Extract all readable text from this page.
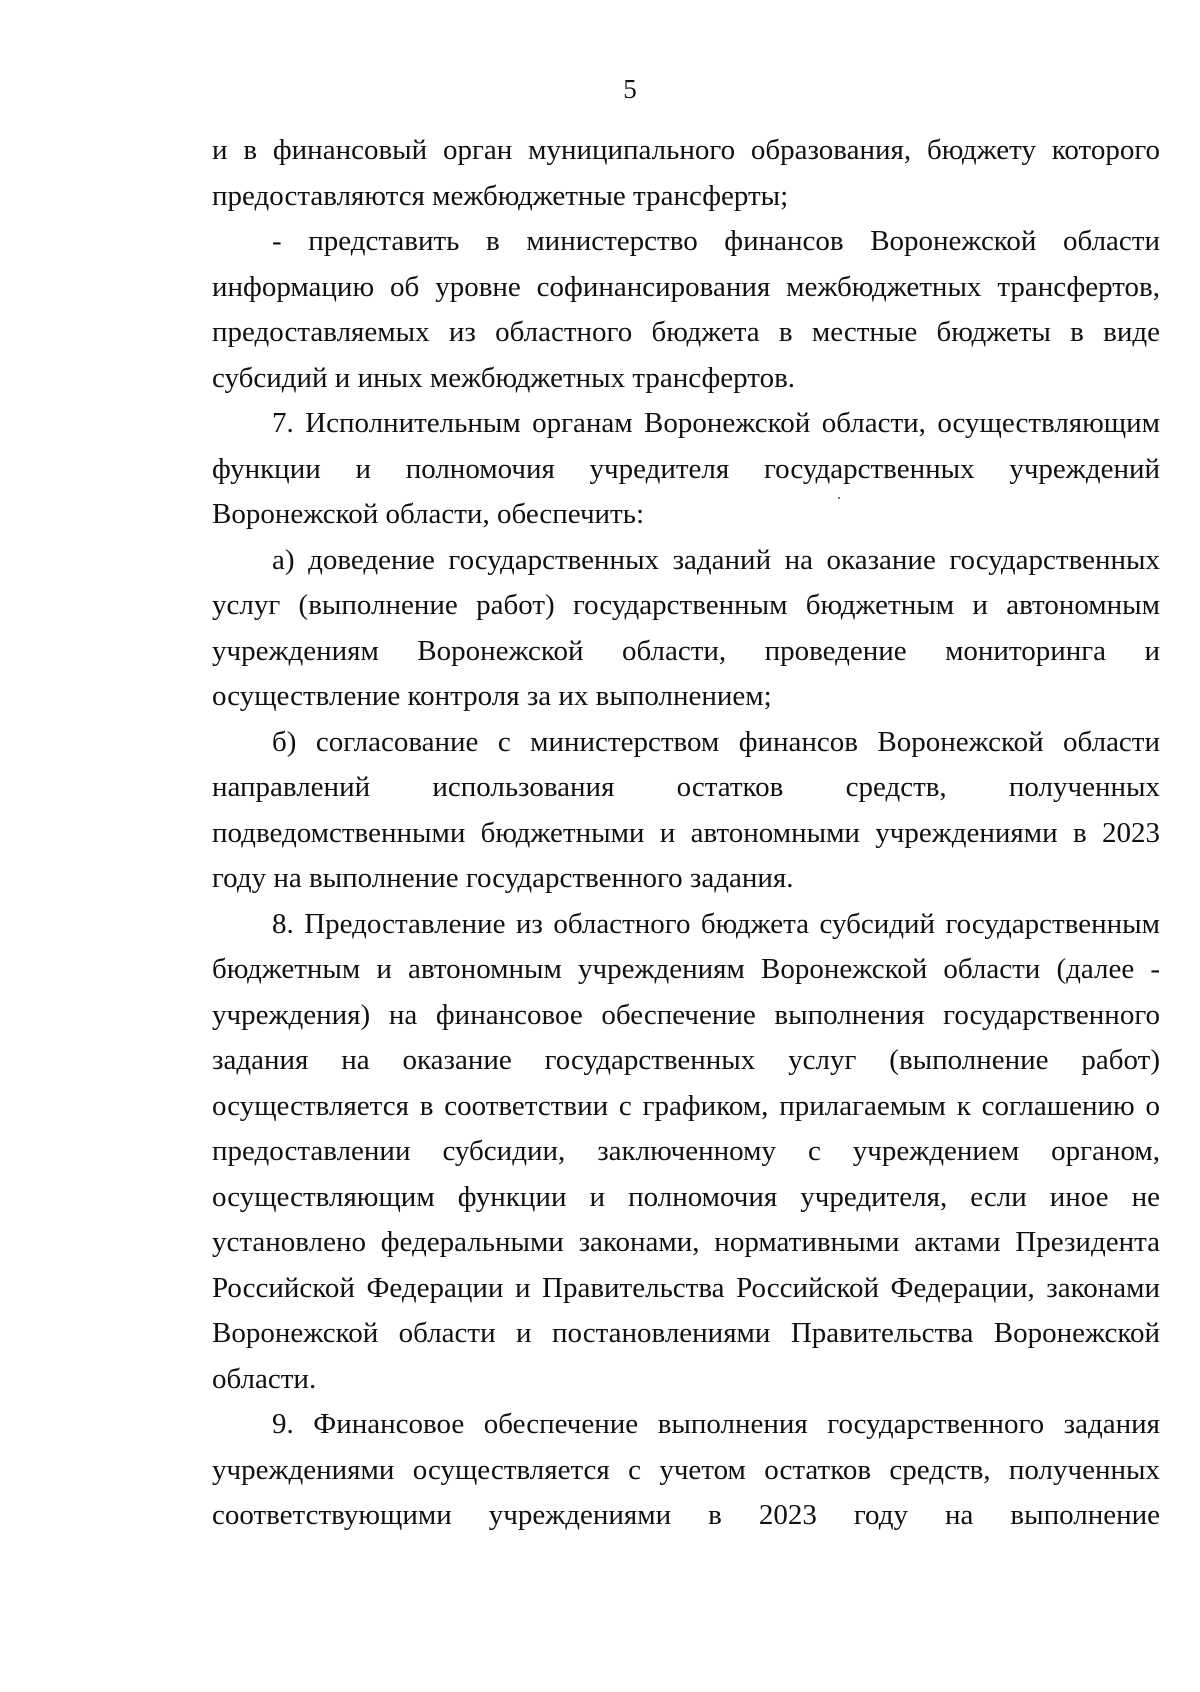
5

и в финансовый орган муниципального образования, бюджету которого предоставляются межбюджетные трансферты;

- представить в министерство финансов Воронежской области информацию об уровне софинансирования межбюджетных трансфертов, предоставляемых из областного бюджета в местные бюджеты в виде субсидий и иных межбюджетных трансфертов.

7. Исполнительным органам Воронежской области, осуществляющим функции и полномочия учредителя государственных учреждений Воронежской области, обеспечить:

а) доведение государственных заданий на оказание государственных услуг (выполнение работ) государственным бюджетным и автономным учреждениям Воронежской области, проведение мониторинга и осуществление контроля за их выполнением;

б) согласование с министерством финансов Воронежской области направлений использования остатков средств, полученных подведомственными бюджетными и автономными учреждениями в 2023 году на выполнение государственного задания.

8. Предоставление из областного бюджета субсидий государственным бюджетным и автономным учреждениям Воронежской области (далее - учреждения) на финансовое обеспечение выполнения государственного задания на оказание государственных услуг (выполнение работ) осуществляется в соответствии с графиком, прилагаемым к соглашению о предоставлении субсидии, заключенному с учреждением органом, осуществляющим функции и полномочия учредителя, если иное не установлено федеральными законами, нормативными актами Президента Российской Федерации и Правительства Российской Федерации, законами Воронежской области и постановлениями Правительства Воронежской области.

9. Финансовое обеспечение выполнения государственного задания учреждениями осуществляется с учетом остатков средств, полученных соответствующими учреждениями в 2023 году на выполнение
